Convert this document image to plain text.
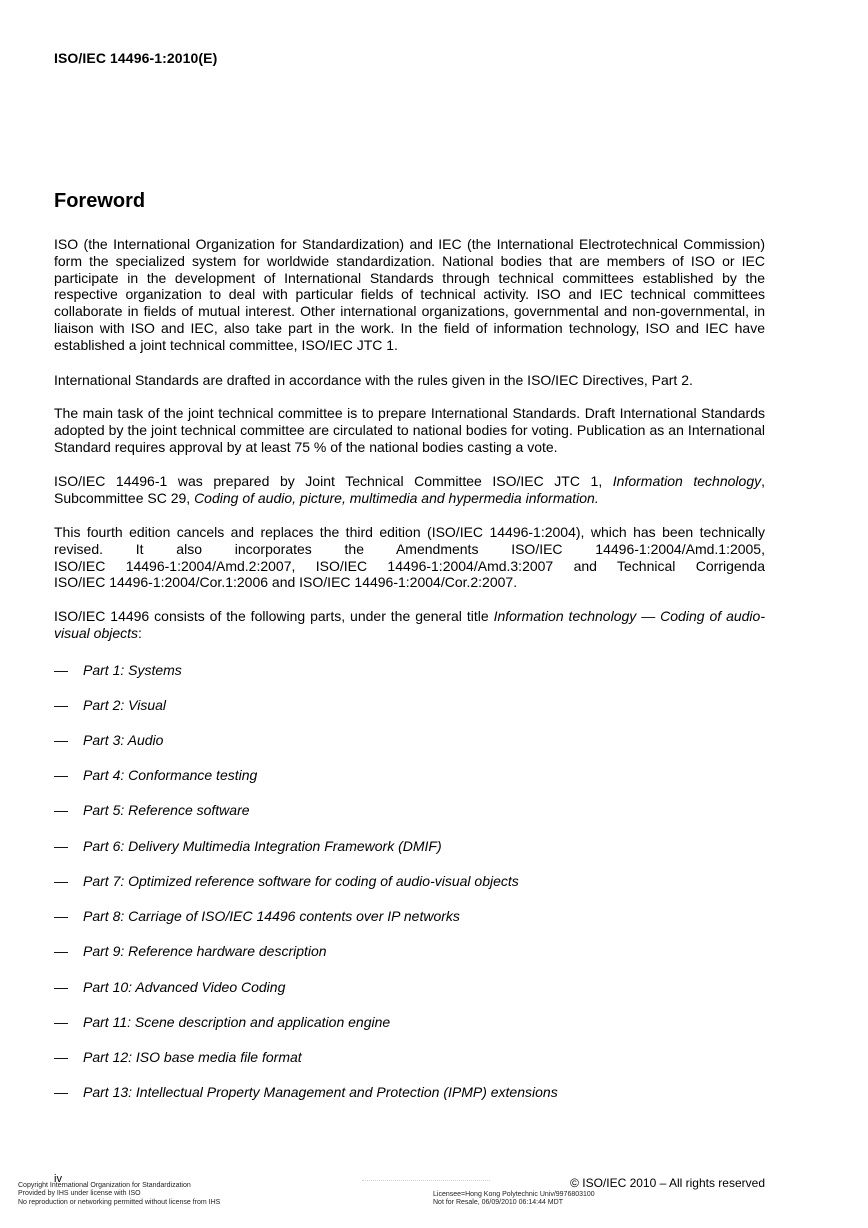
ISO/IEC 14496-1:2010(E)
Foreword

ISO (the International Organization for Standardization) and IEC (the International Electrotechnical Commission) form the specialized system for worldwide standardization. National bodies that are members of ISO or IEC participate in the development of International Standards through technical committees established by the respective organization to deal with particular fields of technical activity. ISO and IEC technical committees collaborate in fields of mutual interest. Other international organizations, governmental and non-governmental, in liaison with ISO and IEC, also take part in the work. In the field of information technology, ISO and IEC have established a joint technical committee, ISO/IEC JTC 1.

International Standards are drafted in accordance with the rules given in the ISO/IEC Directives, Part 2.

The main task of the joint technical committee is to prepare International Standards. Draft International Standards adopted by the joint technical committee are circulated to national bodies for voting. Publication as an International Standard requires approval by at least 75 % of the national bodies casting a vote.

ISO/IEC 14496-1 was prepared by Joint Technical Committee ISO/IEC JTC 1, Information technology, Subcommittee SC 29, Coding of audio, picture, multimedia and hypermedia information.

This fourth edition cancels and replaces the third edition (ISO/IEC 14496-1:2004), which has been technically
revised. It also incorporates the Amendments ISO/IEC 14496-1:2004/Amd.1:2005,
ISO/IEC 14496-1:2004/Amd.2:2007, ISO/IEC 14496-1:2004/Amd.3:2007 and Technical Corrigenda
ISO/IEC 14496-1:2004/Cor.1:2006 and ISO/IEC 14496-1:2004/Cor.2:2007.

ISO/IEC 14496 consists of the following parts, under the general title Information technology — Coding of audio-visual objects:

— Part 1: Systems
— Part 2: Visual
— Part 3: Audio
— Part 4: Conformance testing
— Part 5: Reference software
— Part 6: Delivery Multimedia Integration Framework (DMIF)
— Part 7: Optimized reference software for coding of audio-visual objects
— Part 8: Carriage of ISO/IEC 14496 contents over IP networks
— Part 9: Reference hardware description
— Part 10: Advanced Video Coding
— Part 11: Scene description and application engine
— Part 12: ISO base media file format
— Part 13: Intellectual Property Management and Protection (IPMP) extensions
iv	© ISO/IEC 2010 – All rights reserved
Copyright International Organization for Standardization
Provided by IHS under license with ISO
No reproduction or networking permitted without license from IHS
Licensee=Hong Kong Polytechnic Univ/9976803100
Not for Resale, 06/09/2010 06:14:44 MDT
